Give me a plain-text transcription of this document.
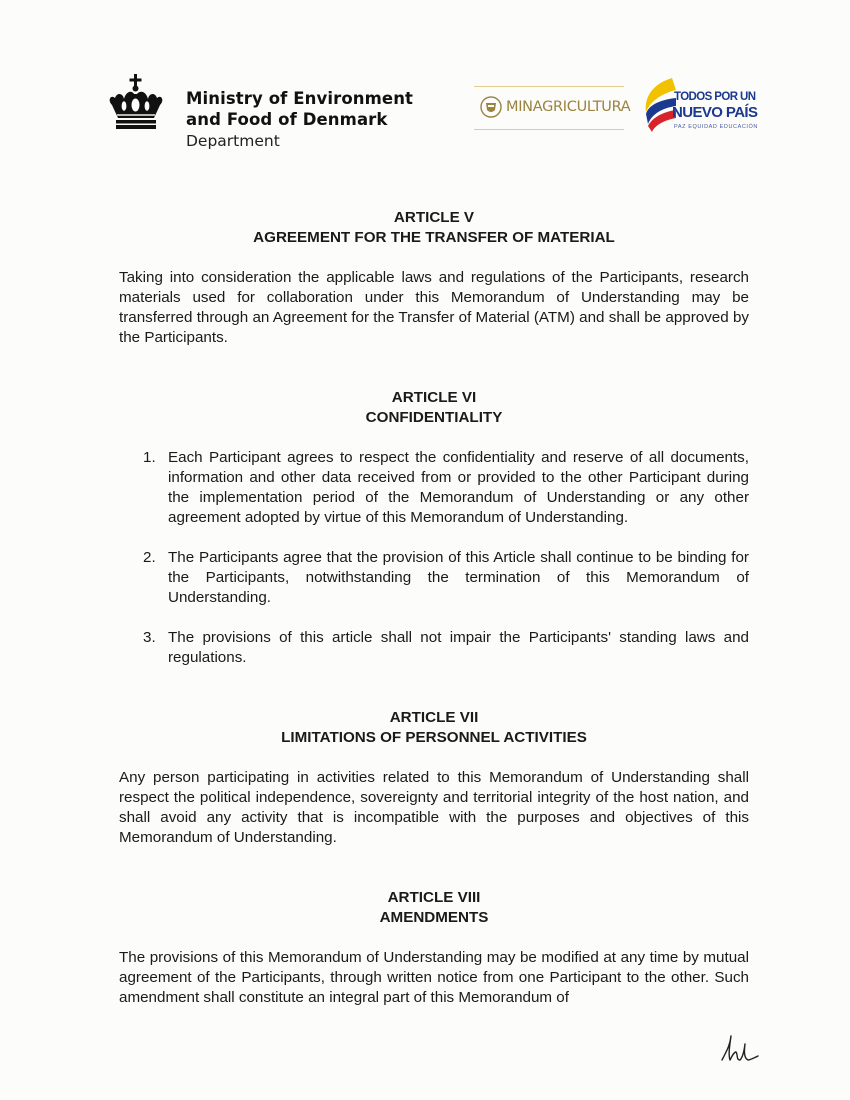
Ministry of Environment
and Food of Denmark
Department
MINAGRICULTURA
TODOS POR UN
NUEVO PAÍS
PAZ EQUIDAD EDUCACIÓN
ARTICLE V
AGREEMENT FOR THE TRANSFER OF MATERIAL
Taking into consideration the applicable laws and regulations of the Participants, research materials used for collaboration under this Memorandum of Understanding may be transferred through an Agreement for the Transfer of Material (ATM) and shall be approved by the Participants.
ARTICLE VI
CONFIDENTIALITY
1. Each Participant agrees to respect the confidentiality and reserve of all documents, information and other data received from or provided to the other Participant during the implementation period of the Memorandum of Understanding or any other agreement adopted by virtue of this Memorandum of Understanding.
2. The Participants agree that the provision of this Article shall continue to be binding for the Participants, notwithstanding the termination of this Memorandum of Understanding.
3. The provisions of this article shall not impair the Participants' standing laws and regulations.
ARTICLE VII
LIMITATIONS OF PERSONNEL ACTIVITIES
Any person participating in activities related to this Memorandum of Understanding shall respect the political independence, sovereignty and territorial integrity of the host nation, and shall avoid any activity that is incompatible with the purposes and objectives of this Memorandum of Understanding.
ARTICLE VIII
AMENDMENTS
The provisions of this Memorandum of Understanding may be modified at any time by mutual agreement of the Participants, through written notice from one Participant to the other. Such amendment shall constitute an integral part of this Memorandum of
